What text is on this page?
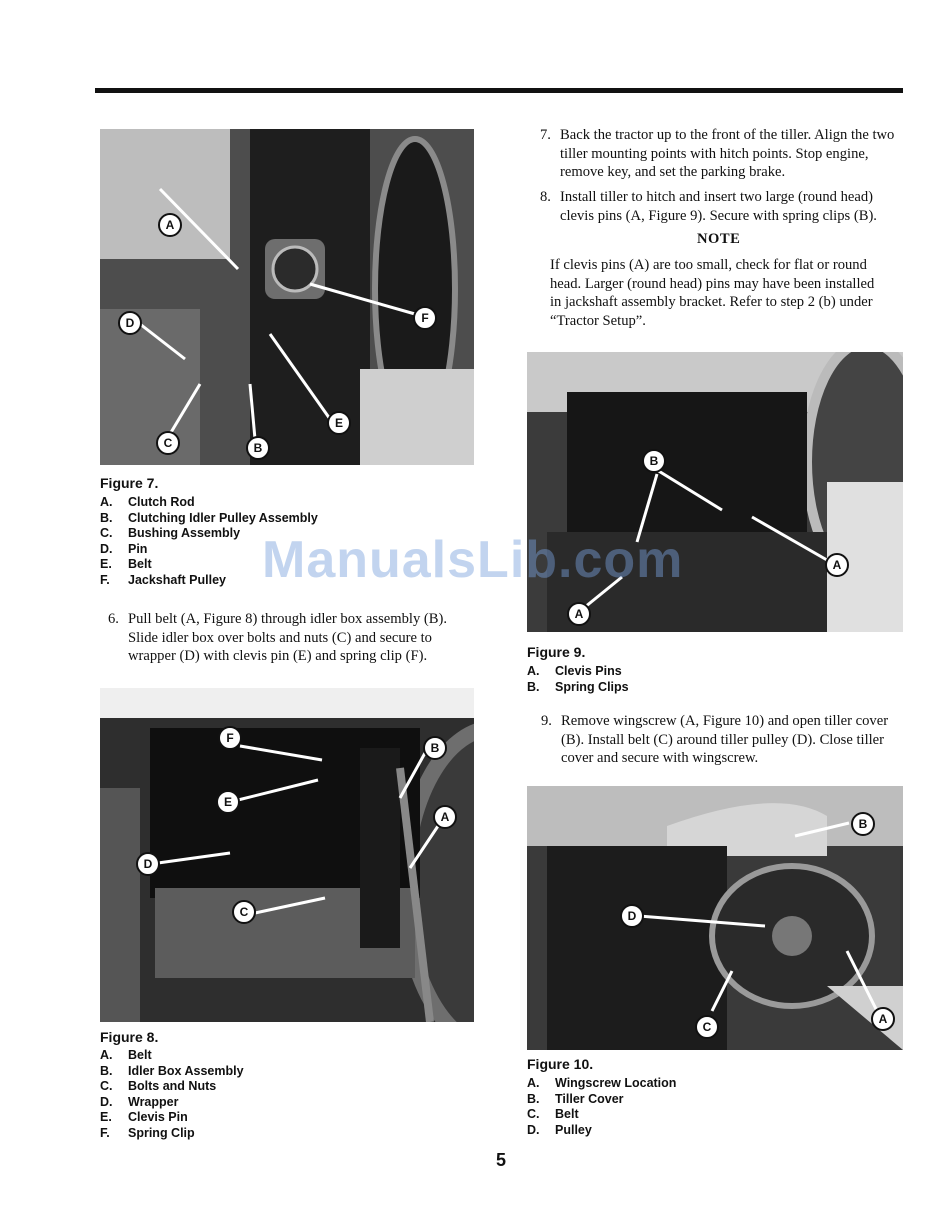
A
D
C	B
E
F
Figure 7.
A.	Clutch Rod
B.	Clutching Idler Pulley Assembly
C.	Bushing Assembly
D.	Pin
E.	Belt
F.	Jackshaft Pulley
6. Pull belt (A, Figure 8) through idler box assembly (B). Slide idler box over bolts and nuts (C) and secure to wrapper (D) with clevis pin (E) and spring clip (F).
F
B
E
A
D
C
Figure 8.
A.	Belt
B.	Idler Box Assembly
C.	Bolts and Nuts
D.	Wrapper
E.	Clevis Pin
F.	Spring Clip
7. Back the tractor up to the front of the tiller. Align the two tiller mounting points with hitch points. Stop engine, remove key, and set the parking brake.
8. Install tiller to hitch and insert two large (round head) clevis pins (A, Figure 9). Secure with spring clips (B).
NOTE
If clevis pins (A) are too small, check for flat or round head. Larger (round head) pins may have been installed in jackshaft assembly bracket. Refer to step 2 (b) under “Tractor Setup”.
B
A
A
Figure 9.
A.	Clevis Pins
B.	Spring Clips
9. Remove wingscrew (A, Figure 10) and open tiller cover (B). Install belt (C) around tiller pulley (D). Close tiller cover and secure with wingscrew.
B
D
A
C
Figure 10.
A.	Wingscrew Location
B.	Tiller Cover
C.	Belt
D.	Pulley
ManualsLib.com
5
